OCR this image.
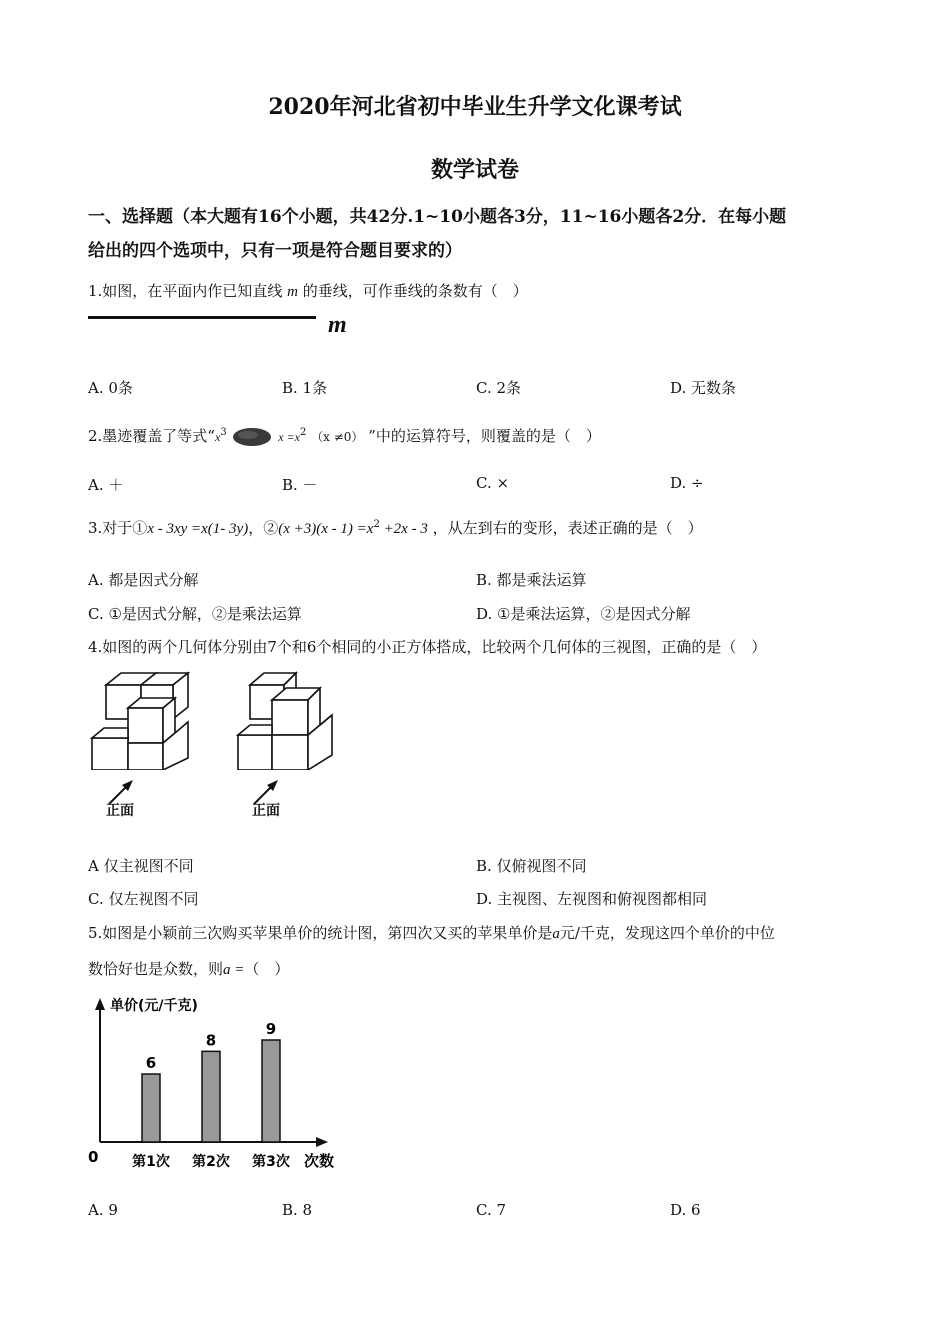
2020年河北省初中毕业生升学文化课考试
数学试卷
一、选择题（本大题有16个小题，共42分.1~10小题各3分，11~16小题各2分．在每小题
给出的四个选项中，只有一项是符合题目要求的）
1.如图，在平面内作已知直线 m 的垂线，可作垂线的条数有（　）
m
A. 0条	B. 1条	C. 2条	D. 无数条
2.墨迹覆盖了等式“$x^3$	$x =x^2$ （x ≠0） ”中的运算符号，则覆盖的是（　）
A. ＋	B. －	C. ×	D. ÷
3.对于①x - 3xy =x(1- 3y)，②(x $+3)(x - 1) =x^2 +2x - 3$ ，从左到右的变形，表述正确的是（　）
A. 都是因式分解	B. 都是乘法运算
C. ①是因式分解，②是乘法运算	D. ①是乘法运算，②是因式分解
4.如图的两个几何体分别由7个和6个相同的小正方体搭成，比较两个几何体的三视图，正确的是（　）
正面	正面
A 仅主视图不同	B. 仅俯视图不同
C. 仅左视图不同	D. 主视图、左视图和俯视图都相同
5.如图是小颖前三次购买苹果单价的统计图，第四次又买的苹果单价是a元/千克，发现这四个单价的中位
数恰好也是众数，则a =（　）
单价(元/千克)
0	次数
6
第1次
8
第2次
9
第3次
A. 9	B. 8	C. 7	D. 6
